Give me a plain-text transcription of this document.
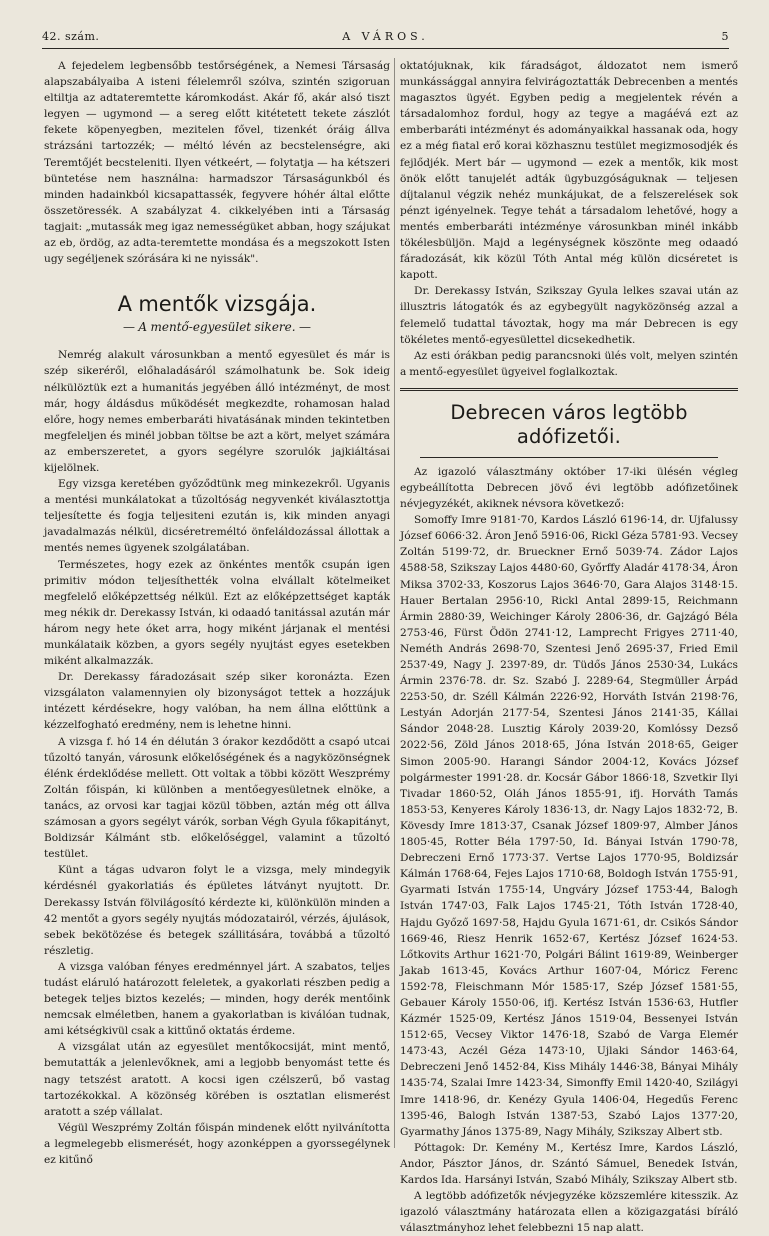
42. szám.	A VÁROS.	5

A fejedelem legbensőbb testőrségének, a Nemesi Társaság alapszabályaiba A isteni félelemről szólva, szintén szigoruan eltiltja az adtateremtette káromkodást. Akár fő, akár alsó tiszt legyen — ugymond — a sereg előtt kitétetett tekete zászlót fekete köpenyegben, mezitelen fővel, tizenkét óráig állva strázsáni tartozzék; — méltó lévén az becstelenségre, aki Teremtőjét becsteleniti. Ilyen vétkeért, — folytatja — ha kétszeri büntetése nem használna: harmadszor Társaságunkból és minden hadainkból kicsapattassék, fegyvere hóhér által előtte összetöressék. A szabályzat 4. cikkelyében inti a Társaság tagjait: „mutassák meg igaz nemességüket abban, hogy szájukat az eb, ördög, az adta-teremtette mondása és a megszokott Isten ugy segéljenek szórására ki ne nyissák".

A mentők vizsgája.
— A mentő-egyesület sikere. —

Nemrég alakult városunkban a mentő egyesület és már is szép sikeréről, előhaladásáról számolhatunk be. Sok ideig nélkülöztük ezt a humanitás jegyében álló intézményt, de most már, hogy áldásdus működését megkezdte, rohamosan halad előre, hogy nemes emberbaráti hivatásának minden tekintetben megfeleljen és minél jobban töltse be azt a kört, melyet számára az emberszeretet, a gyors segélyre szorulók jajkiáltásai kijelölnek.

Egy vizsga keretében győződtünk meg minkezekről. Ugyanis a mentési munkálatokat a tűzoltóság negyvenkét kiválasztottja teljesítette és fogja teljesiteni ezután is, kik minden anyagi javadalmazás nélkül, dicséretreméltó önfeláldozással állottak a mentés nemes ügyenek szolgálatában.

Természetes, hogy ezek az önkéntes mentők csupán igen primitiv módon teljesíthették volna elvállalt kötelmeiket megfelelő előképzettség nélkül. Ezt az előképzettséget kapták meg nékik dr. Derekassy István, ki odaadó tanitással azután már három negy hete óket arra, hogy miként járjanak el mentési munkálataik közben, a gyors segély nyujtást egyes esetekben miként alkalmazzák.

Dr. Derekassy fáradozásait szép siker koronázta. Ezen vizsgálaton valamennyien oly bizonyságot tettek a hozzájuk intézett kérdésekre, hogy valóban, ha nem állna előttünk a kézzelfogható eredmény, nem is lehetne hinni.

A vizsga f. hó 14 én délután 3 órakor kezdődött a csapó utcai tűzoltó tanyán, városunk előkelőségének és a nagyközönségnek élénk érdeklődése mellett. Ott voltak a többi között Weszprémy Zoltán főispán, ki különben a mentőegyesületnek elnöke, a tanács, az orvosi kar tagjai közül többen, aztán még ott állva számosan a gyors segélyt várók, sorban Végh Gyula főkapitányt, Boldizsár Kálmánt stb. előkelőséggel, valamint a tűzoltó testület.

Künt a tágas udvaron folyt le a vizsga, mely mindegyik kérdésnél gyakorlatiás és épületes látványt nyujtott. Dr. Derekassy István fölvilágosító kérdezte ki, különkülön minden a 42 mentőt a gyors segély nyujtás módozatairól, vérzés, ájulások, sebek bekötözése és betegek szállitására, továbbá a tűzoltó részletig.

A vizsga valóban fényes eredménnyel járt. A szabatos, teljes tudást eláruló határozott feleletek, a gyakorlati részben pedig a betegek teljes biztos kezelés; — minden, hogy derék mentőink nemcsak elméletben, hanem a gyakorlatban is kiválóan tudnak, ami kétségkivül csak a kittűnő oktatás érdeme.

A vizsgálat után az egyesület mentőkocsiját, mint mentő, bemutatták a jelenlevőknek, ami a legjobb benyomást tette és nagy tetszést aratott. A kocsi igen czélszerű, bő vastag tartozékokkal. A közönség körében is osztatlan elismerést aratott a szép vállalat.

Végül Weszprémy Zoltán főispán mindenek előtt nyilvánította a legmelegebb elismerését, hogy azonképpen a gyorssegélynek ez kitűnő

oktatójuknak, kik fáradságot, áldozatot nem ismerő munkássággal annyira felvirágoztatták Debrecenben a mentés magasztos ügyét. Egyben pedig a megjelentek révén a társadalomhoz fordul, hogy az tegye a magáévá ezt az emberbaráti intézményt és adományaikkal hassanak oda, hogy ez a még fiatal erő korai közhasznu testület megizmosodjék és fejlődjék. Mert bár — ugymond — ezek a mentők, kik most önök előtt tanujelét adták ügybuzgóságuknak — teljesen díjtalanul végzik nehéz munkájukat, de a felszerelések sok pénzt igényelnek. Tegye tehát a társadalom lehetővé, hogy a mentés emberbaráti intézménye városunkban minél inkább tökélesbüljön. Majd a legénységnek köszönte meg odaadó fáradozását, kik közül Tóth Antal még külön dicséretet is kapott.

Dr. Derekassy István, Szikszay Gyula lelkes szavai után az illusztris látogatók és az egybegyült nagyközönség azzal a felemelő tudattal távoztak, hogy ma már Debrecen is egy tökéletes mentő-egyesülettel dicsekedhetik.

Az esti órákban pedig parancsnoki ülés volt, melyen szintén a mentő-egyesület ügyeivel foglalkoztak.

Debrecen város legtöbb adófizetői.

Az igazoló választmány október 17-iki ülésén végleg egybeállította Debrecen jövő évi legtöbb adófizetőinek névjegyzékét, akiknek névsora következő:

Somoffy Imre 9181·70, Kardos László 6196·14, dr. Ujfalussy József 6066·32. Áron Jenő 5916·06, Rickl Géza 5781·93. Vecsey Zoltán 5199·72, dr. Brueckner Ernő 5039·74. Zádor Lajos 4588·58, Szikszay Lajos 4480·60, Győrffy Aladár 4178·34, Áron Miksa 3702·33, Koszorus Lajos 3646·70, Gara Alajos 3148·15. Hauer Bertalan 2956·10, Rickl Antal 2899·15, Reichmann Ármin 2880·39, Weichinger Károly 2806·36, dr. Gajzágó Béla 2753·46, Fürst Ödön 2741·12, Lamprecht Frigyes 2711·40, Neméth András 2698·70, Szentesi Jenő 2695·37, Fried Emil 2537·49, Nagy J. 2397·89, dr. Tüdős János 2530·34, Lukács Ármin 2376·78. dr. Sz. Szabó J. 2289·64, Stegmüller Árpád 2253·50, dr. Széll Kálmán 2226·92, Horváth István 2198·76, Lestyán Adorján 2177·54, Szentesi János 2141·35, Kállai Sándor 2048·28. Lusztig Károly 2039·20, Komlóssy Dezső 2022·56, Zöld János 2018·65, Jóna István 2018·65, Geiger Simon 2005·90. Harangi Sándor 2004·12, Kovács József polgármester 1991·28. dr. Kocsár Gábor 1866·18, Szvetkir Ilyi Tivadar 1860·52, Oláh János 1855·91, ifj. Horváth Tamás 1853·53, Kenyeres Károly 1836·13, dr. Nagy Lajos 1832·72, B. Kövesdy Imre 1813·37, Csanak József 1809·97, Almber János 1805·45, Rotter Béla 1797·50, Id. Bányai István 1790·78, Debreczeni Ernő 1773·37. Vertse Lajos 1770·95, Boldizsár Kálmán 1768·64, Fejes Lajos 1710·68, Boldogh István 1755·91, Gyarmati István 1755·14, Ungváry József 1753·44, Balogh István 1747·03, Falk Lajos 1745·21, Tóth István 1728·40, Hajdu Győző 1697·58, Hajdu Gyula 1671·61, dr. Csikós Sándor 1669·46, Riesz Henrik 1652·67, Kertész József 1624·53. Lőtkovits Arthur 1621·70, Polgári Bálint 1619·89, Weinberger Jakab 1613·45, Kovács Arthur 1607·04, Móricz Ferenc 1592·78, Fleischmann Mór 1585·17, Szép József 1581·55, Gebauer Károly 1550·06, ifj. Kertész István 1536·63, Hutfler Kázmér 1525·09, Kertész János 1519·04, Bessenyei István 1512·65, Vecsey Viktor 1476·18, Szabó de Varga Elemér 1473·43, Aczél Géza 1473·10, Ujlaki Sándor 1463·64, Debreczeni Jenő 1452·84, Kiss Mihály 1446·38, Bányai Mihály 1435·74, Szalai Imre 1423·34, Simonffy Emil 1420·40, Szilágyi Imre 1418·96, dr. Kenézy Gyula 1406·04, Hegedűs Ferenc 1395·46, Balogh István 1387·53, Szabó Lajos 1377·20, Gyarmathy János 1375·89, Nagy Mihály, Szikszay Albert stb.

Póttagok: Dr. Kemény M., Kertész Imre, Kardos László, Andor, Pásztor János, dr. Szántó Sámuel, Benedek István, Kardos Ida. Harsányi István, Szabó Mihály, Szikszay Albert stb.

A legtöbb adófizetők névjegyzéke közszemlére kitesszik. Az igazoló választmány határozata ellen a közigazgatási bíráló választmányhoz lehet felebbezni 15 nap alatt.
